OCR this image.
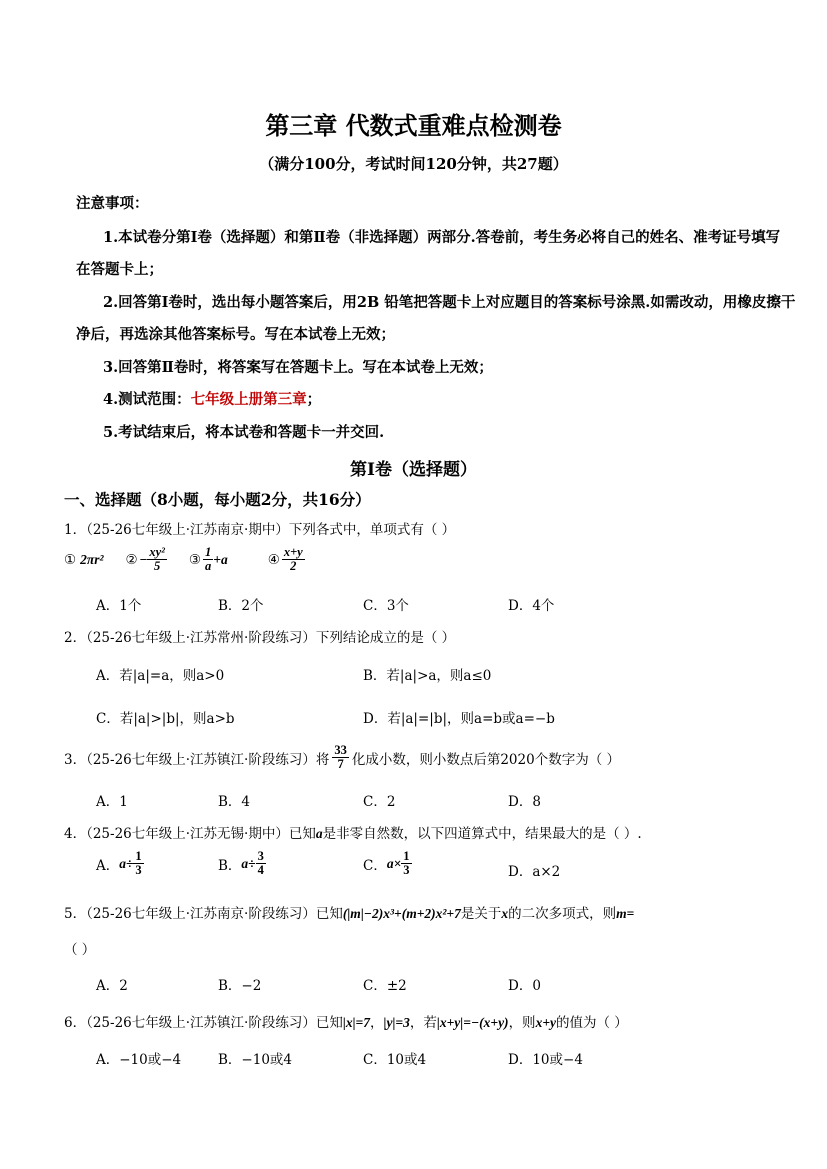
第三章 代数式重难点检测卷
（满分100分，考试时间120分钟，共27题）
注意事项：
1.本试卷分第Ⅰ卷（选择题）和第Ⅱ卷（非选择题）两部分.答卷前，考生务必将自己的姓名、准考证号填写
在答题卡上；
2.回答第Ⅰ卷时，选出每小题答案后，用2B 铅笔把答题卡上对应题目的答案标号涂黑.如需改动，用橡皮擦干
净后，再选涂其他答案标号。写在本试卷上无效；
3.回答第Ⅱ卷时，将答案写在答题卡上。写在本试卷上无效；
4.测试范围：七年级上册第三章；
5.考试结束后，将本试卷和答题卡一并交回.
第Ⅰ卷（选择题）
一、选择题（8小题，每小题2分，共16分）
1．（25-26七年级上·江苏南京·期中）下列各式中，单项式有（ ）
① 2πr² ② − $\frac{\text{xy²}}{5}$ ③ $\frac{1}{a} +a$	④ $\frac{x+y}{2}$
A．1个	B．2个	C．3个	D．4个
2．（25-26七年级上·江苏常州·阶段练习）下列结论成立的是（ ）
A．若|a|=a，则a>0	B．若|a|>a，则a≤0
C．若|a|>|b|，则a>b	D．若|a|=|b|，则a=b或a=−b
3．（25-26七年级上·江苏镇江·阶段练习）将 $\frac{33}{7}$ 化成小数，则小数点后第2020个数字为（ ）
A．1	B．4	C．2	D．8
4．（25-26七年级上·江苏无锡·期中）已知a是非零自然数，以下四道算式中，结果最大的是（ ）.
A． $a\div \frac{1}{3}$	B． $a\div \frac{3}{4}$	C． $a\times \frac{1}{3}$	D．a×2
5．（25-26七年级上·江苏南京·阶段练习）已知(|m|−2)x³+(m+2)x²+7是关于x的二次多项式，则m=
（ ）
A．2	B．−2	C．±2	D．0
6．（25-26七年级上·江苏镇江·阶段练习）已知|x|=7，|y|=3，若|x+y|=−(x+y)，则x+y的值为（ ）
A．−10或−4	B．−10或4	C．10或4	D．10或−4
